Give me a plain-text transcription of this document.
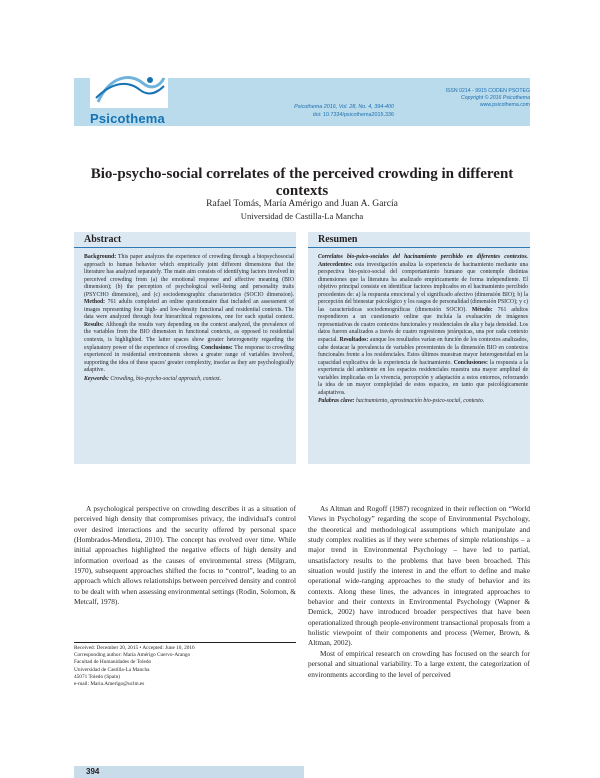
Psicothema
Psicothema 2016, Vol. 28, No. 4, 394-400
doi: 10.7334/psicothema2015.336
ISSN 0214 - 9915 CODEN PSOTEG
Copyright © 2016 Psicothema
www.psicothema.com
Bio-psycho-social correlates of the perceived crowding in different contexts
Rafael Tomás, María Amérigo and Juan A. García
Universidad de Castilla-La Mancha
Abstract
Background: This paper analyzes the experience of crowding through a biopsychosocial approach to human behavior which empirically joint different dimensions that the literature has analyzed separately. The main aim consists of identifying factors involved in perceived crowding from (a) the emotional response and affective meaning (BIO dimension); (b) the perception of psychological well-being and personality traits (PSYCHO dimension), and (c) sociodemographic characteristics (SOCIO dimension). Method: 761 adults completed an online questionnaire that included an assessment of images representing four high- and low-density functional and residential contexts. The data were analyzed through four hierarchical regressions, one for each spatial context. Results: Although the results vary depending on the context analyzed, the prevalence of the variables from the BIO dimension in functional contexts, as opposed to residential contexts, is highlighted. The latter spaces show greater heterogeneity regarding the explanatory power of the experience of crowding. Conclusions: The response to crowding experienced in residential environments shows a greater range of variables involved, supporting the idea of these spaces' greater complexity, insofar as they are psychologically adaptive.
Keywords: Crowding, bio-psycho-social approach, context.
Resumen
Correlatos bio-psico-sociales del hacinamiento percibido en diferentes contextos. Antecedentes: esta investigación analiza la experiencia de hacinamiento mediante una perspectiva bio-psico-social del comportamiento humano que contemple distintas dimensiones que la literatura ha analizado empíricamente de forma independiente. El objetivo principal consiste en identificar factores implicados en el hacinamiento percibido procedentes de: a) la respuesta emocional y el significado afectivo (dimensión BIO); b) la percepción del bienestar psicológico y los rasgos de personalidad (dimensión PSICO); y c) las características sociodemográficas (dimensión SOCIO). Método: 761 adultos respondieron a un cuestionario online que incluía la evaluación de imágenes representativas de cuatro contextos funcionales y residenciales de alta y baja densidad. Los datos fueron analizados a través de cuatro regresiones jerárquicas, una por cada contexto espacial. Resultados: aunque los resultados varían en función de los contextos analizados, cabe destacar la prevalencia de variables provenientes de la dimensión BIO en contextos funcionales frente a los residenciales. Estos últimos muestran mayor heterogeneidad en la capacidad explicativa de la experiencia de hacinamiento. Conclusiones: la respuesta a la experiencia del ambiente en los espacios residenciales muestra una mayor amplitud de variables implicadas en la vivencia, percepción y adaptación a estos entornos, reforzando la idea de un mayor complejidad de estos espacios, en tanto que psicológicamente adaptativos.
Palabras clave: hacinamiento, aproximación bio-psico-social, contexto.

A psychological perspective on crowding describes it as a situation of perceived high density that compromises privacy, the individual's control over desired interactions and the security offered by personal space (Hombrados-Mendieta, 2010). The concept has evolved over time. While initial approaches highlighted the negative effects of high density and information overload as the causes of environmental stress (Milgram, 1970), subsequent approaches shifted the focus to “control”, leading to an approach which allows relationships between perceived density and control to be dealt with when assessing environmental settings (Rodin, Solomon, & Metcalf, 1978).

As Altman and Rogoff (1987) recognized in their reflection on “World Views in Psychology” regarding the scope of Environmental Psychology, the theoretical and methodological assumptions which manipulate and study complex realities as if they were schemes of simple relationships – a major trend in Environmental Psychology – have led to partial, unsatisfactory results to the problems that have been broached. This situation would justify the interest in and the effort to define and make operational wide-ranging approaches to the study of behavior and its contexts. Along these lines, the advances in integrated approaches to behavior and their contexts in Environmental Psychology (Wapner & Demick, 2002) have introduced broader perspectives that have been operationalized through people-environment transactional proposals from a holistic viewpoint of their components and process (Werner, Brown, & Altman, 2002).

Most of empirical research on crowding has focused on the search for personal and situational variability. To a large extent, the categorization of environments according to the level of perceived

Received: December 20, 2015 • Accepted: June 10, 2016
Corresponding author: María Amérigo Cuervo-Arango
Facultad de Humanidades de Toledo
Universidad de Castilla-La Mancha
45071 Toledo (Spain)
e-mail: Maria.Amerigo@uclm.es
394
